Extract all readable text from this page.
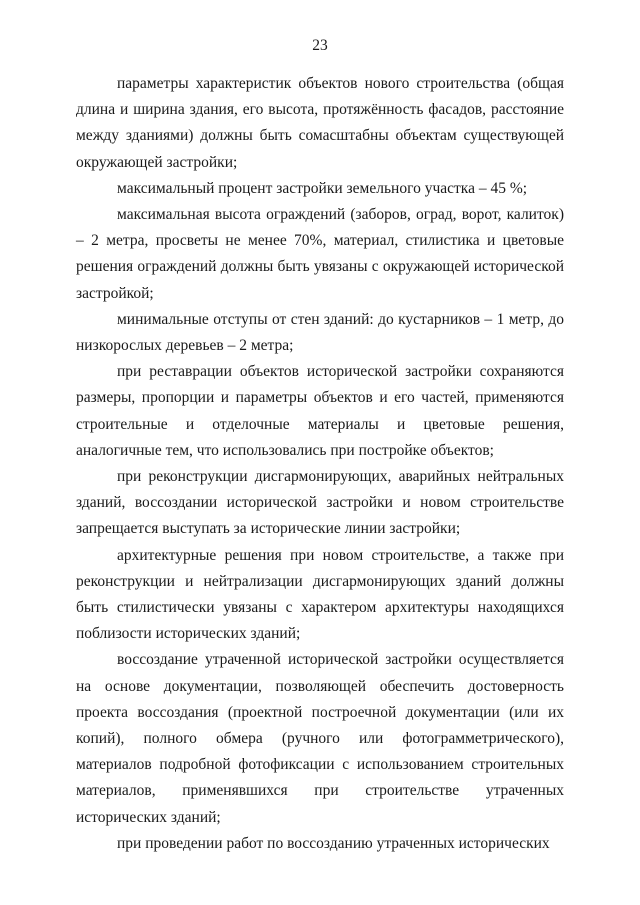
23

параметры характеристик объектов нового строительства (общая длина и ширина здания, его высота, протяжённость фасадов, расстояние между зданиями) должны быть сомасштабны объектам существующей окружающей застройки;

максимальный процент застройки земельного участка – 45 %;

максимальная высота ограждений (заборов, оград, ворот, калиток) – 2 метра, просветы не менее 70%, материал, стилистика и цветовые решения ограждений должны быть увязаны с окружающей исторической застройкой;

минимальные отступы от стен зданий: до кустарников – 1 метр, до низкорослых деревьев – 2 метра;

при реставрации объектов исторической застройки сохраняются размеры, пропорции и параметры объектов и его частей, применяются строительные и отделочные материалы и цветовые решения, аналогичные тем, что использовались при постройке объектов;

при реконструкции дисгармонирующих, аварийных нейтральных зданий, воссоздании исторической застройки и новом строительстве запрещается выступать за исторические линии застройки;

архитектурные решения при новом строительстве, а также при реконструкции и нейтрализации дисгармонирующих зданий должны быть стилистически увязаны с характером архитектуры находящихся поблизости исторических зданий;

воссоздание утраченной исторической застройки осуществляется на основе документации, позволяющей обеспечить достоверность проекта воссоздания (проектной построечной документации (или их копий), полного обмера (ручного или фотограмметрического), материалов подробной фотофиксации с использованием строительных материалов, применявшихся при строительстве утраченных исторических зданий;

при проведении работ по воссозданию утраченных исторических
